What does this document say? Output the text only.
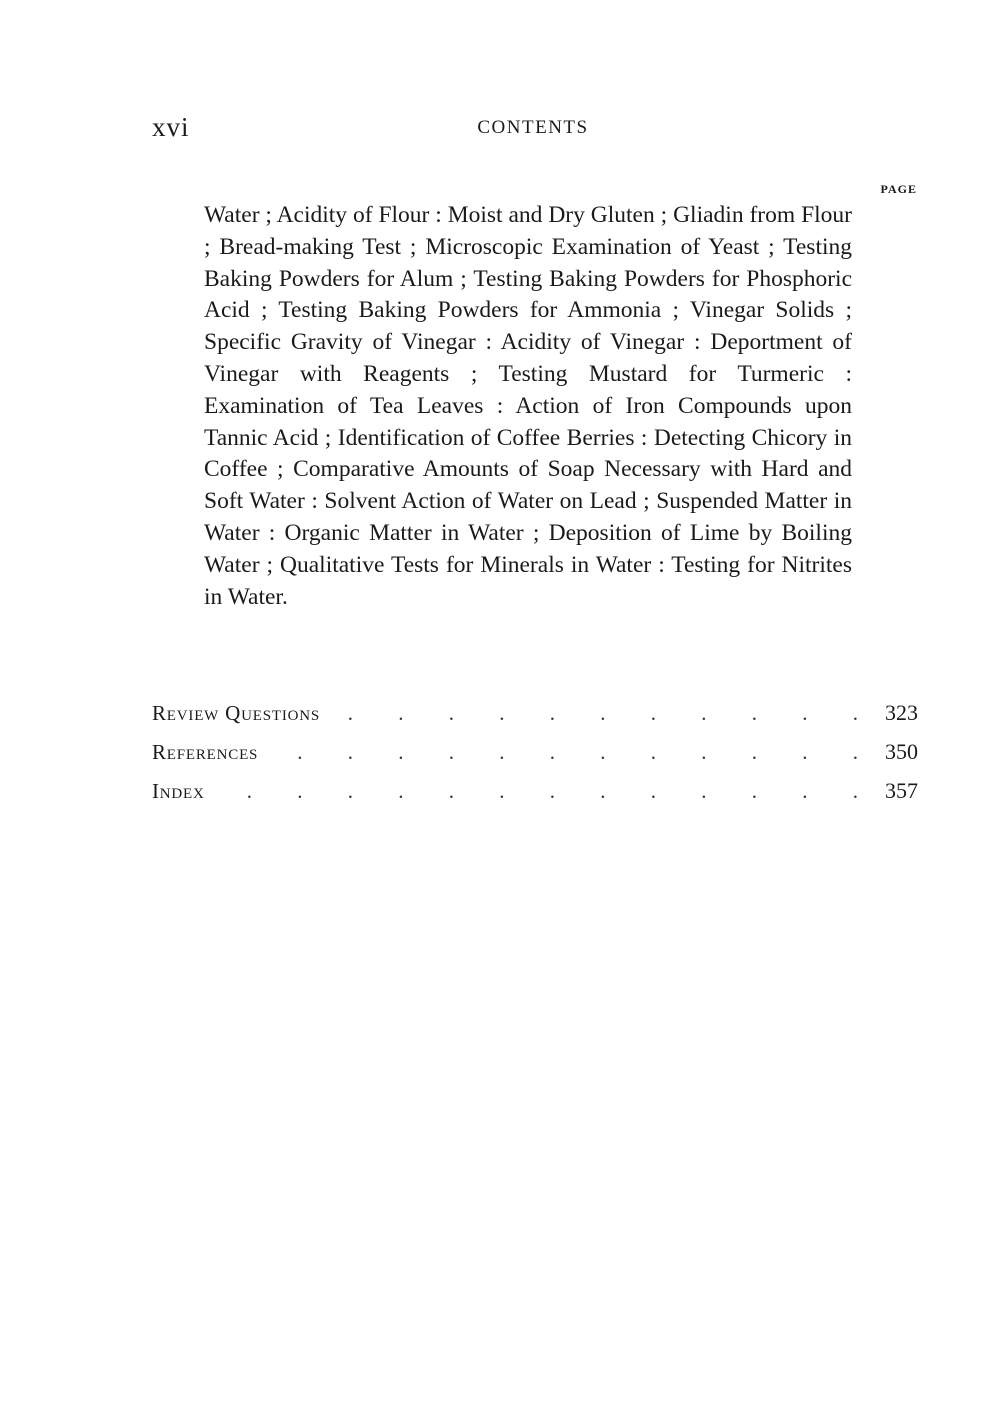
xvi	CONTENTS
PAGE
Water ; Acidity of Flour : Moist and Dry Gluten ; Gliadin from Flour ; Bread-making Test ; Microscopic Examination of Yeast ; Testing Baking Powders for Alum ; Testing Baking Powders for Phosphoric Acid ; Testing Baking Powders for Ammonia ; Vinegar Solids ; Specific Gravity of Vinegar : Acidity of Vinegar : Deportment of Vinegar with Reagents ; Testing Mustard for Turmeric : Examination of Tea Leaves : Action of Iron Compounds upon Tannic Acid ; Identification of Coffee Berries : Detecting Chicory in Coffee ; Comparative Amounts of Soap Necessary with Hard and Soft Water : Solvent Action of Water on Lead ; Suspended Matter in Water : Organic Matter in Water ; Deposition of Lime by Boiling Water ; Qualitative Tests for Minerals in Water : Testing for Nitrites in Water.
Review Questions . . .	323
References . . .	350
Index . . .	357
